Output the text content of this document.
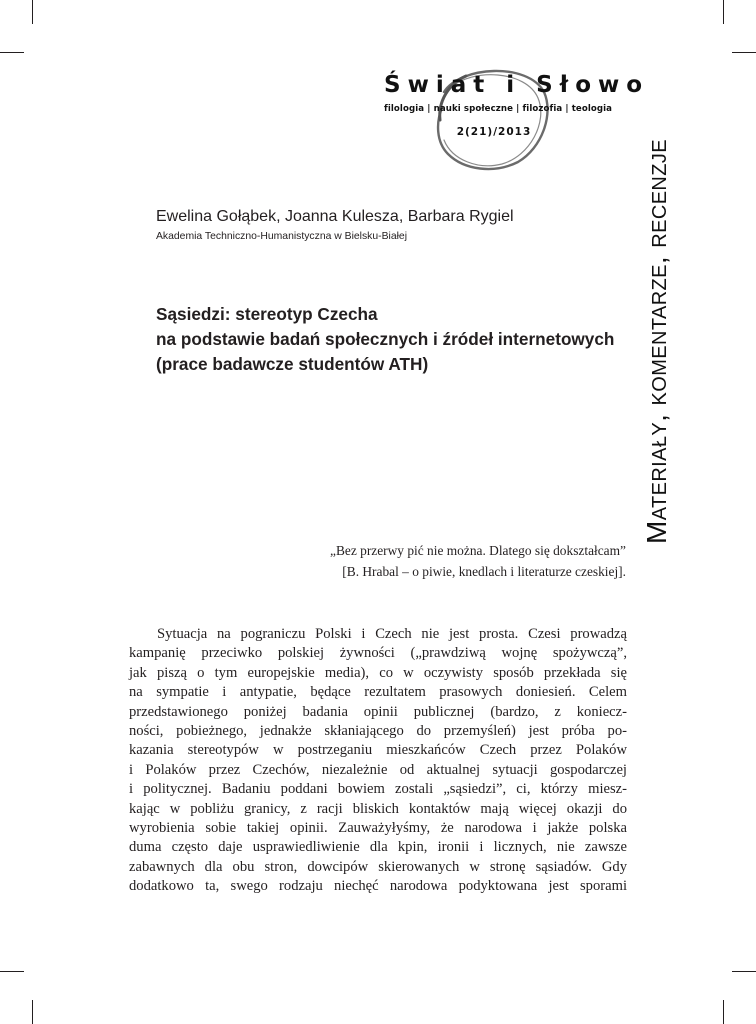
Świat i Słowo
filologia | nauki społeczne | filozofia | teologia
2(21)/2013
Ewelina Gołąbek, Joanna Kulesza, Barbara Rygiel
Akademia Techniczno-Humanistyczna w Bielsku-Białej
Sąsiedzi: stereotyp Czecha
na podstawie badań społecznych i źródeł internetowych
(prace badawcze studentów ATH)	Materiały, komentarze, recenzje
„Bez przerwy pić nie można. Dlatego się dokształcam”
[B. Hrabal – o piwie, knedlach i literaturze czeskiej].
Sytuacja na pograniczu Polski i Czech nie jest prosta. Czesi prowadzą
kampanię przeciwko polskiej żywności („prawdziwą wojnę spożywczą”,
jak piszą o tym europejskie media), co w oczywisty sposób przekłada się
na sympatie i antypatie, będące rezultatem prasowych doniesień. Celem
przedstawionego poniżej badania opinii publicznej (bardzo, z koniecz-
ności, pobieżnego, jednakże skłaniającego do przemyśleń) jest próba po-
kazania stereotypów w postrzeganiu mieszkańców Czech przez Polaków
i Polaków przez Czechów, niezależnie od aktualnej sytuacji gospodarczej
i politycznej. Badaniu poddani bowiem zostali „sąsiedzi”, ci, którzy miesz-
kając w pobliżu granicy, z racji bliskich kontaktów mają więcej okazji do
wyrobienia sobie takiej opinii. Zauważyłyśmy, że narodowa i jakże polska
duma często daje usprawiedliwienie dla kpin, ironii i licznych, nie zawsze
zabawnych dla obu stron, dowcipów skierowanych w stronę sąsiadów. Gdy
dodatkowo ta, swego rodzaju niechęć narodowa podyktowana jest sporami
